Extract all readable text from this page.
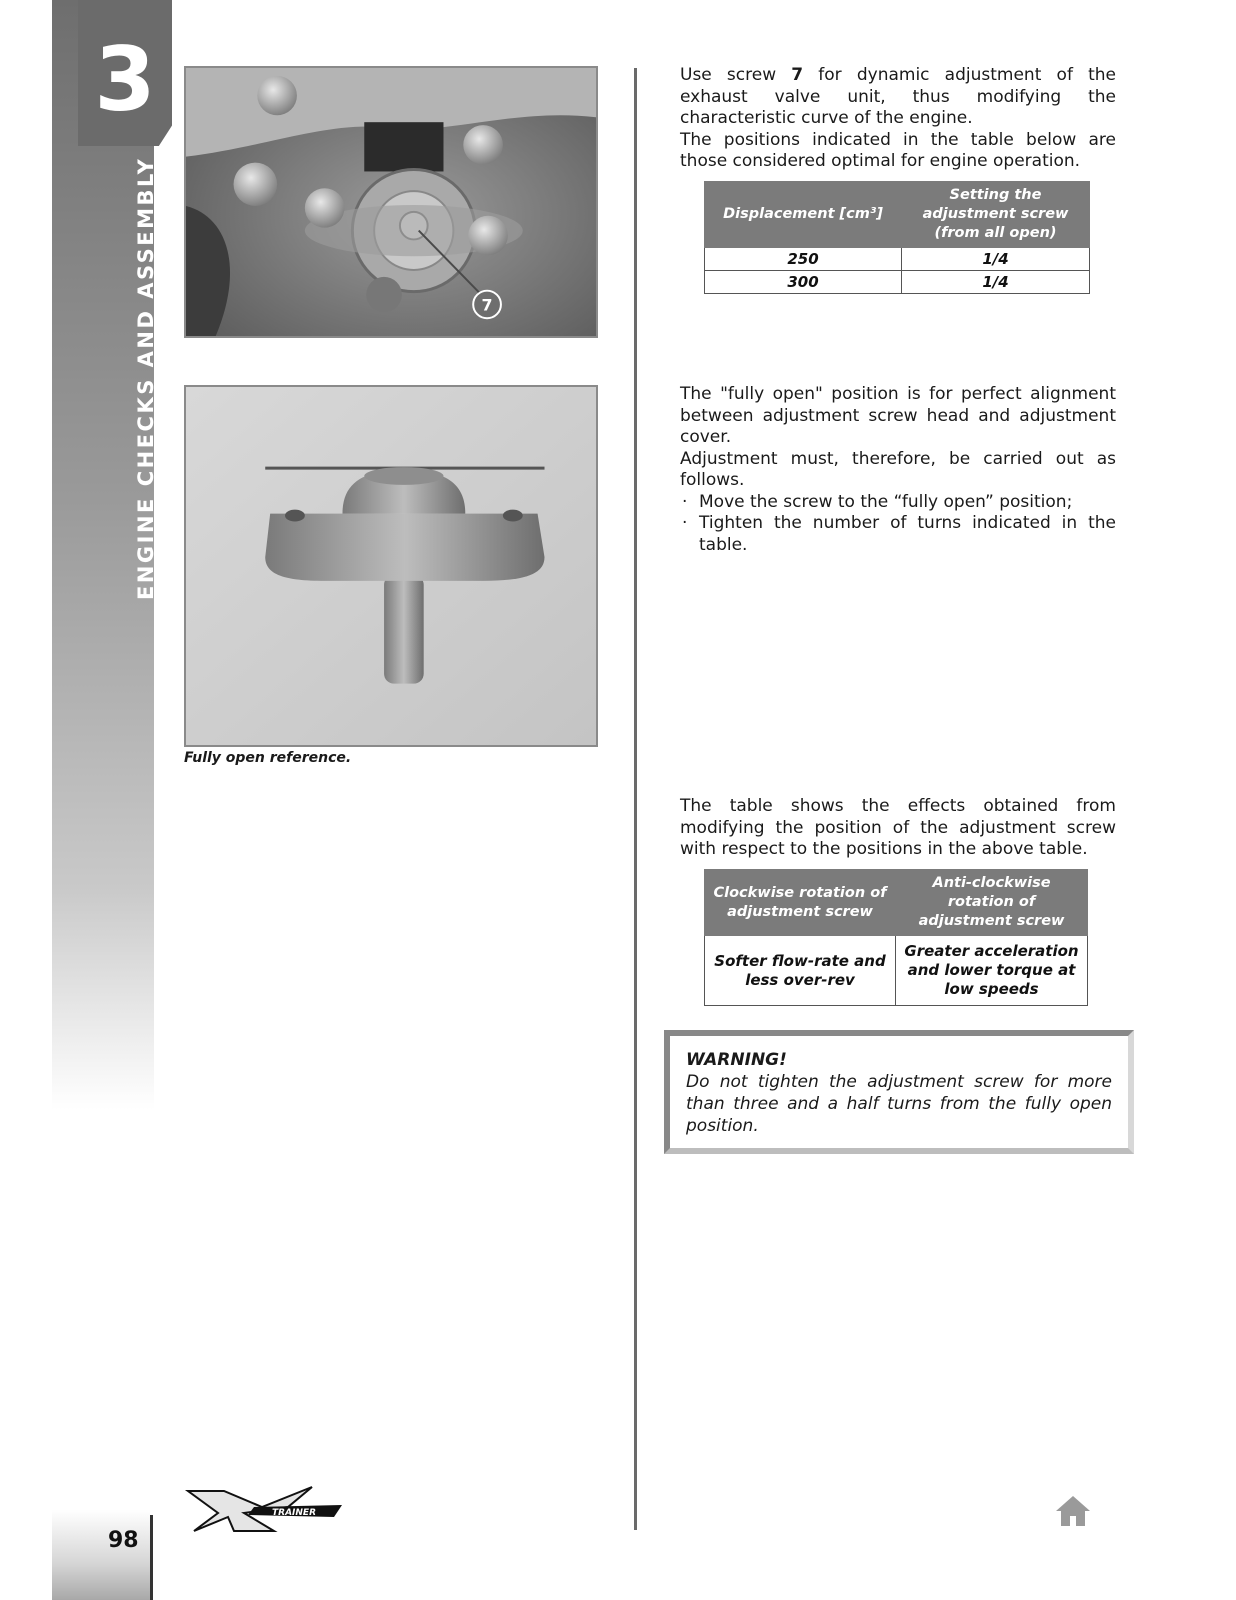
3
ENGINE CHECKS AND ASSEMBLY	7
Fully open reference.

Use screw 7 for dynamic adjustment of the exhaust valve unit, thus modifying the characteristic curve of the engine.

The positions indicated in the table below are those considered optimal for engine operation.

Displacement [cm³]	Setting the adjustment screw (from all open)
250	1/4
300	1/4

The "fully open" position is for perfect alignment between adjustment screw head and adjustment cover.

Adjustment must, therefore, be carried out as follows.

· Move the screw to the “fully open” position;
· Tighten the number of turns indicated in the table.

The table shows the effects obtained from modifying the position of the adjustment screw with respect to the positions in the above table.

Clockwise rotation of adjustment screw	Anti-clockwise rotation of adjustment screw
Softer flow-rate and less over-rev	Greater acceleration and lower torque at low speeds
WARNING!
Do not tighten the adjustment screw for more than three and a half turns from the fully open position.
98
TRAINER
